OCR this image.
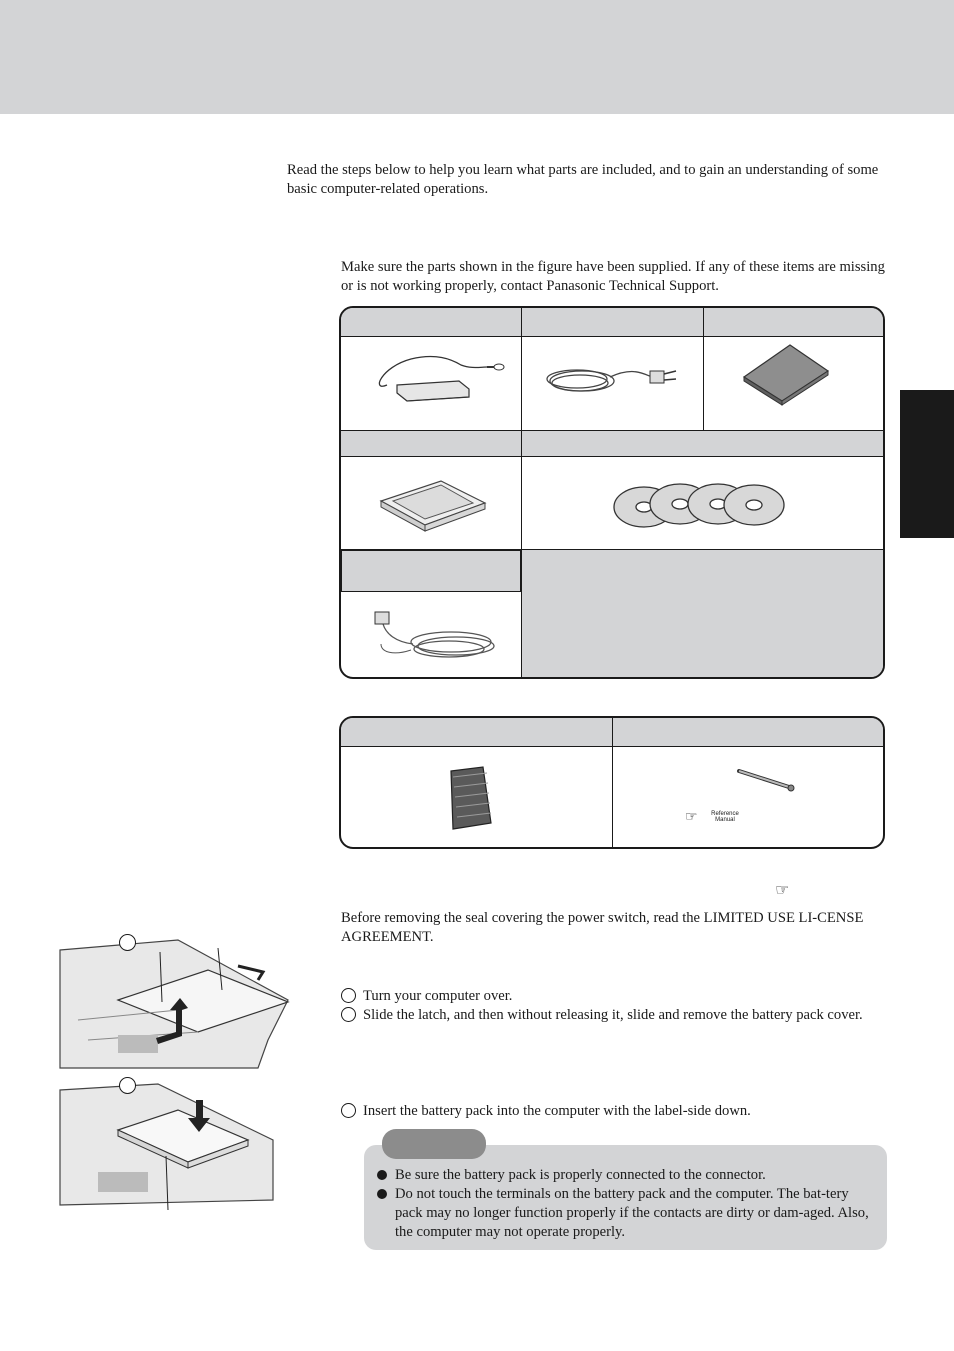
Read the steps below to help you learn what parts are included, and to gain an understanding of some basic computer-related operations.

Make sure the parts shown in the figure have been supplied. If any of these items are missing or is not working properly, contact Panasonic Technical Support.

☞	Reference Manual
☞

Before removing the seal covering the power switch, read the LIMITED USE LI-CENSE AGREEMENT.

Turn your computer over.
Slide the latch, and then without releasing it, slide and remove the battery pack cover.
Insert the battery pack into the computer with the label-side down.
Be sure the battery pack is properly connected to the connector.
Do not touch the terminals on the battery pack and the computer. The bat-tery pack may no longer function properly if the contacts are dirty or dam-aged. Also, the computer may not operate properly.
